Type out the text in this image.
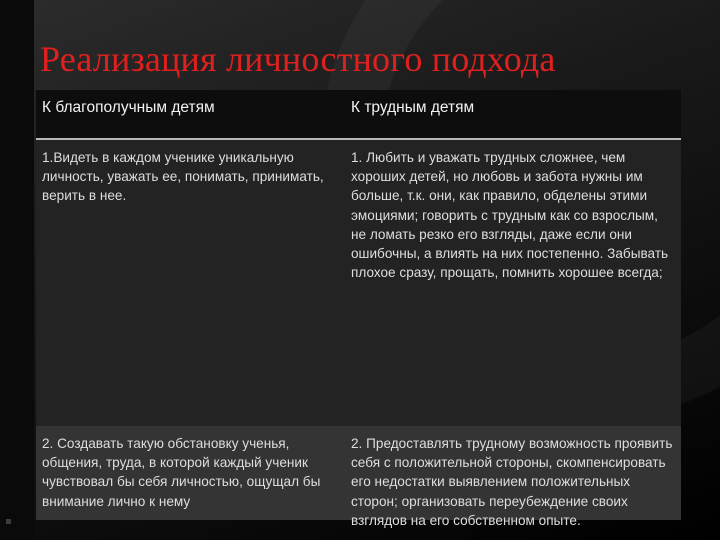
Реализация личностного подхода
К благополучным детям	К трудным детям
1.Видеть в каждом ученике уникальную личность, уважать ее, понимать, принимать, верить в нее.
1. Любить и уважать трудных сложнее, чем хороших детей, но любовь и забота нужны им больше, т.к. они, как правило, обделены этими эмоциями; говорить с трудным как со взрослым, не ломать резко его взгляды, даже если они ошибочны, а влиять на них постепенно. Забывать плохое сразу, прощать, помнить хорошее всегда;
2. Создавать такую обстановку ученья, общения, труда, в которой каждый ученик чувствовал бы себя личностью, ощущал бы внимание лично к нему
2. Предоставлять трудному возможность проявить себя с положительной стороны, скомпенсировать его недостатки выявлением положительных сторон; организовать переубеждение своих взглядов на его собственном опыте.
